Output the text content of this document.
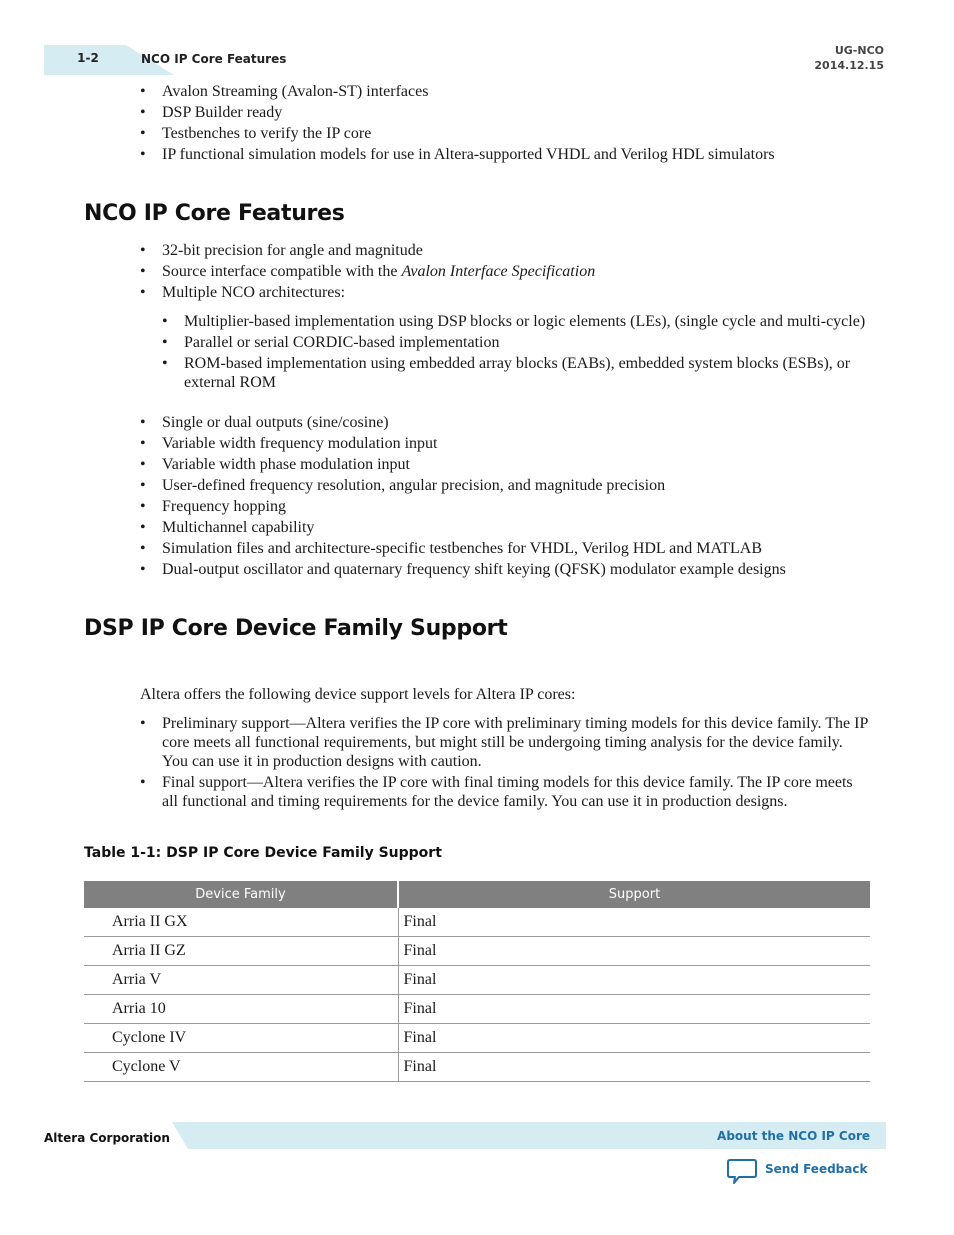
1-2	NCO IP Core Features
UG-NCO
2014.12.15
• Avalon Streaming (Avalon-ST) interfaces
• DSP Builder ready
• Testbenches to verify the IP core
• IP functional simulation models for use in Altera-supported VHDL and Verilog HDL simulators
NCO IP Core Features
• 32-bit precision for angle and magnitude
• Source interface compatible with the Avalon Interface Specification
• Multiple NCO architectures:
• Multiplier-based implementation using DSP blocks or logic elements (LEs), (single cycle and multi-cycle)
• Parallel or serial CORDIC-based implementation
• ROM-based implementation using embedded array blocks (EABs), embedded system blocks (ESBs), or external ROM
• Single or dual outputs (sine/cosine)
• Variable width frequency modulation input
• Variable width phase modulation input
• User-defined frequency resolution, angular precision, and magnitude precision
• Frequency hopping
• Multichannel capability
• Simulation files and architecture-specific testbenches for VHDL, Verilog HDL and MATLAB
• Dual-output oscillator and quaternary frequency shift keying (QFSK) modulator example designs
DSP IP Core Device Family Support
Altera offers the following device support levels for Altera IP cores:
• Preliminary support—Altera verifies the IP core with preliminary timing models for this device family. The IP core meets all functional requirements, but might still be undergoing timing analysis for the device family. You can use it in production designs with caution.
• Final support—Altera verifies the IP core with final timing models for this device family. The IP core meets all functional and timing requirements for the device family. You can use it in production designs.
Table 1-1: DSP IP Core Device Family Support
Device Family	Support
Arria II GX	Final
Arria II GZ	Final
Arria V	Final
Arria 10	Final
Cyclone IV	Final
Cyclone V	Final
Altera Corporation	About the NCO IP Core
Send Feedback
